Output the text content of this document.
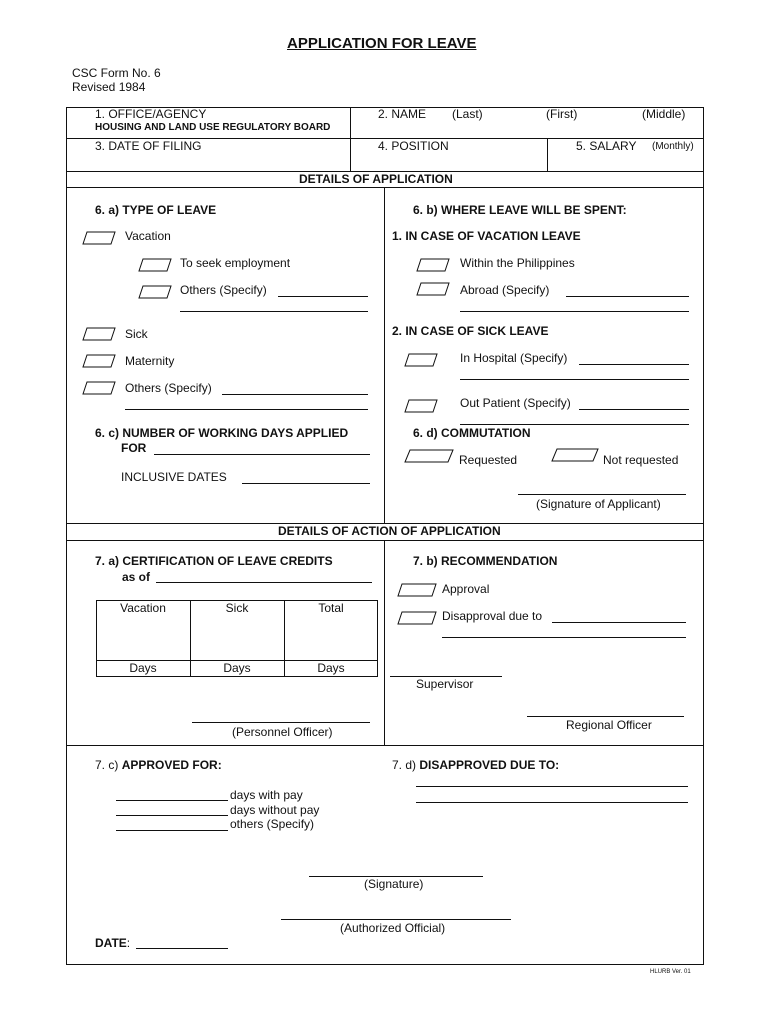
APPLICATION FOR LEAVE
CSC Form No. 6
Revised 1984
1. OFFICE/AGENCY
HOUSING AND LAND USE REGULATORY BOARD
2. NAME (Last)	(First)	(Middle)
3. DATE OF FILING	4. POSITION	5. SALARY (Monthly)
DETAILS OF APPLICATION
6. a) TYPE OF LEAVE
Vacation
To seek employment
Others (Specify)
Sick
Maternity
Others (Specify)
6. b) WHERE LEAVE WILL BE SPENT:
1. IN CASE OF VACATION LEAVE
Within the Philippines
Abroad (Specify)
2. IN CASE OF SICK LEAVE
In Hospital (Specify)
Out Patient (Specify)
6. c) NUMBER OF WORKING DAYS APPLIED
FOR
INCLUSIVE DATES
6. d) COMMUTATION
Requested	Not requested
(Signature of Applicant)
DETAILS OF ACTION OF APPLICATION
7. a) CERTIFICATION OF LEAVE CREDITS
as of
Vacation	Sick	Total
Days	Days	Days
(Personnel Officer)
7. b) RECOMMENDATION
Approval
Disapproval due to
Supervisor
Regional Officer
7. c) APPROVED FOR:
days with pay
days without pay
others (Specify)
7. d) DISAPPROVED DUE TO:
(Signature)
(Authorized Official)
DATE:
HLURB Ver. 01
